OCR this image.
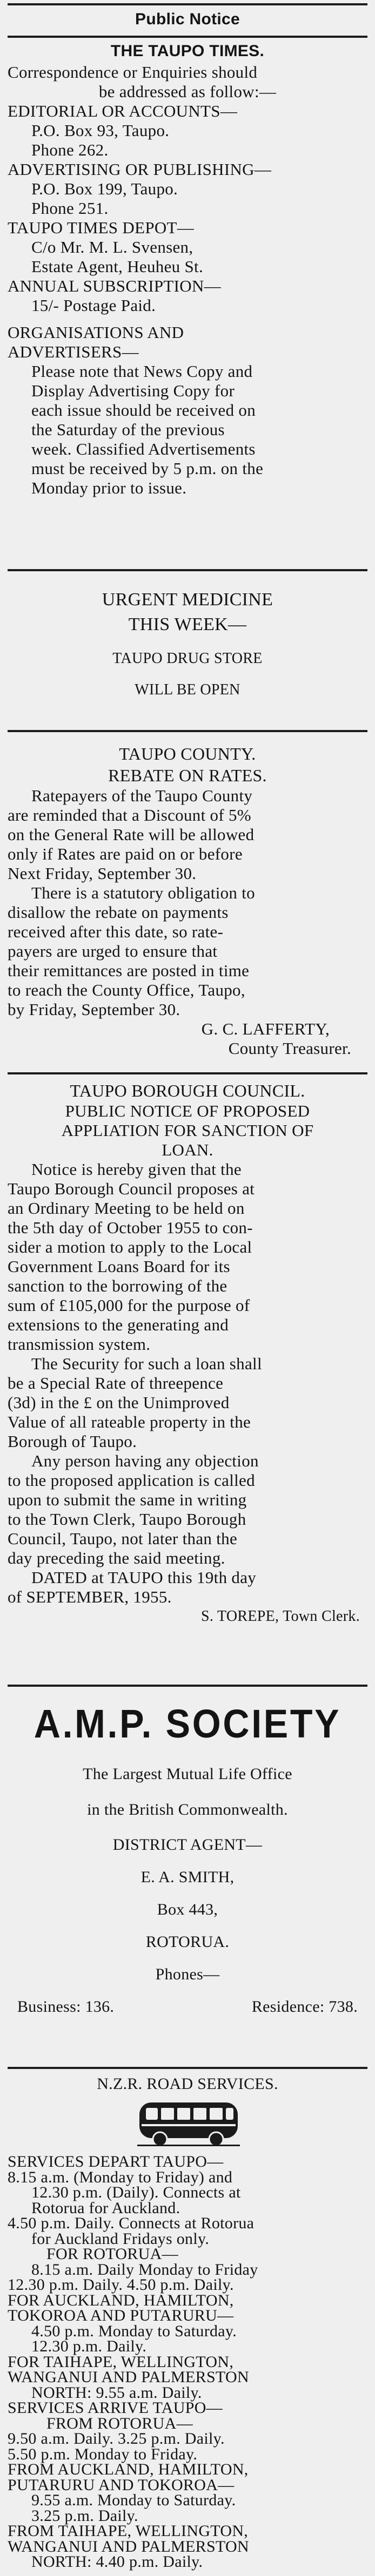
Public Notice

THE TAUPO TIMES.

Correspondence or Enquiries should

be addressed as follow:—

EDITORIAL OR ACCOUNTS—

P.O. Box 93, Taupo.

Phone 262.

ADVERTISING OR PUBLISHING—

P.O. Box 199, Taupo.

Phone 251.

TAUPO TIMES DEPOT—

C/o Mr. M. L. Svensen,

Estate Agent, Heuheu St.

ANNUAL SUBSCRIPTION—

15/- Postage Paid.

ORGANISATIONS AND

ADVERTISERS—

Please note that News Copy and

Display Advertising Copy for

each issue should be received on

the Saturday of the previous

week. Classified Advertisements

must be received by 5 p.m. on the

Monday prior to issue.

URGENT MEDICINE

THIS WEEK—

TAUPO DRUG STORE

WILL BE OPEN

TAUPO COUNTY.

REBATE ON RATES.

Ratepayers of the Taupo County

are reminded that a Discount of 5%

on the General Rate will be allowed

only if Rates are paid on or before

Next Friday, September 30.

There is a statutory obligation to

disallow the rebate on payments

received after this date, so rate-

payers are urged to ensure that

their remittances are posted in time

to reach the County Office, Taupo,

by Friday, September 30.

G. C. LAFFERTY,

County Treasurer.

TAUPO BOROUGH COUNCIL.

PUBLIC NOTICE OF PROPOSED

APPLIATION FOR SANCTION OF

LOAN.

Notice is hereby given that the

Taupo Borough Council proposes at

an Ordinary Meeting to be held on

the 5th day of October 1955 to con-

sider a motion to apply to the Local

Government Loans Board for its

sanction to the borrowing of the

sum of £105,000 for the purpose of

extensions to the generating and

transmission system.

The Security for such a loan shall

be a Special Rate of threepence

(3d) in the £ on the Unimproved

Value of all rateable property in the

Borough of Taupo.

Any person having any objection

to the proposed application is called

upon to submit the same in writing

to the Town Clerk, Taupo Borough

Council, Taupo, not later than the

day preceding the said meeting.

DATED at TAUPO this 19th day

of SEPTEMBER, 1955.

S. TOREPE, Town Clerk.

A.M.P. SOCIETY

The Largest Mutual Life Office

in the British Commonwealth.

DISTRICT AGENT—

E. A. SMITH,

Box 443,

ROTORUA.

Phones—

Business: 136.	Residence: 738.

N.Z.R. ROAD SERVICES.

SERVICES DEPART TAUPO—

8.15 a.m. (Monday to Friday) and

12.30 p.m. (Daily). Connects at

Rotorua for Auckland.

4.50 p.m. Daily. Connects at Rotorua

for Auckland Fridays only.

FOR ROTORUA—

8.15 a.m. Daily Monday to Friday

12.30 p.m. Daily. 4.50 p.m. Daily.

FOR AUCKLAND, HAMILTON,

TOKOROA AND PUTARURU—

4.50 p.m. Monday to Saturday.

12.30 p.m. Daily.

FOR TAIHAPE, WELLINGTON,

WANGANUI AND PALMERSTON

NORTH: 9.55 a.m. Daily.

SERVICES ARRIVE TAUPO—

FROM ROTORUA—

9.50 a.m. Daily. 3.25 p.m. Daily.

5.50 p.m. Monday to Friday.

FROM AUCKLAND, HAMILTON,

PUTARURU AND TOKOROA—

9.55 a.m. Monday to Saturday.

3.25 p.m. Daily.

FROM TAIHAPE, WELLINGTON,

WANGANUI AND PALMERSTON

NORTH: 4.40 p.m. Daily.
